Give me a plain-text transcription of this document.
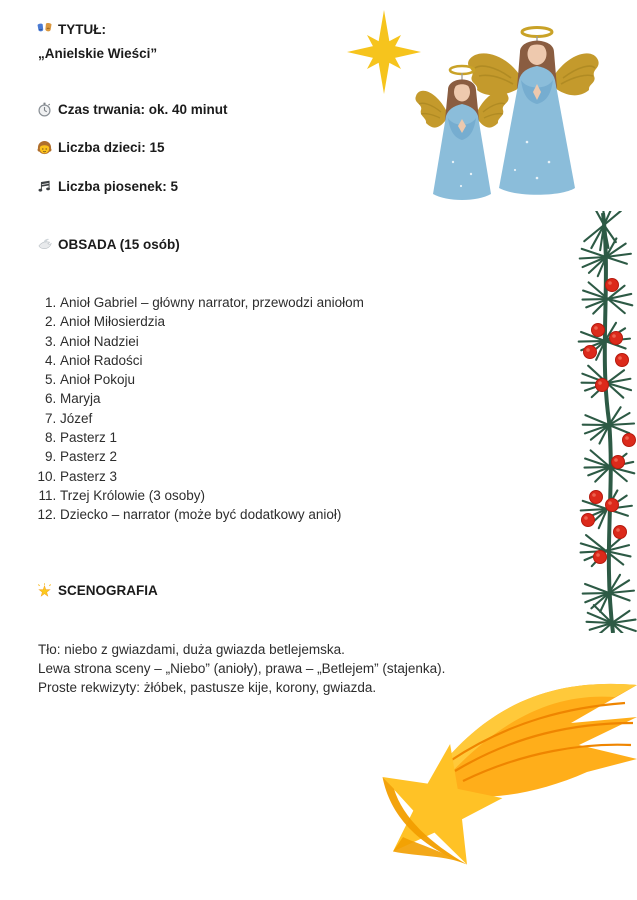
TYTUŁ:
„Anielskie Wieści”
Czas trwania: ok. 40 minut
Liczba dzieci: 15
Liczba piosenek: 5
OBSADA (15 osób)
1. Anioł Gabriel – główny narrator, przewodzi aniołom
2. Anioł Miłosierdzia
3. Anioł Nadziei
4. Anioł Radości
5. Anioł Pokoju
6. Maryja
7. Józef
8. Pasterz 1
9. Pasterz 2
10. Pasterz 3
11. Trzej Królowie (3 osoby)
12. Dziecko – narrator (może być dodatkowy anioł)
SCENOGRAFIA
Tło: niebo z gwiazdami, duża gwiazda betlejemska.
Lewa strona sceny – „Niebo” (anioły), prawa – „Betlejem” (stajenka).
Proste rekwizyty: żłóbek, pastusze kije, korony, gwiazda.
